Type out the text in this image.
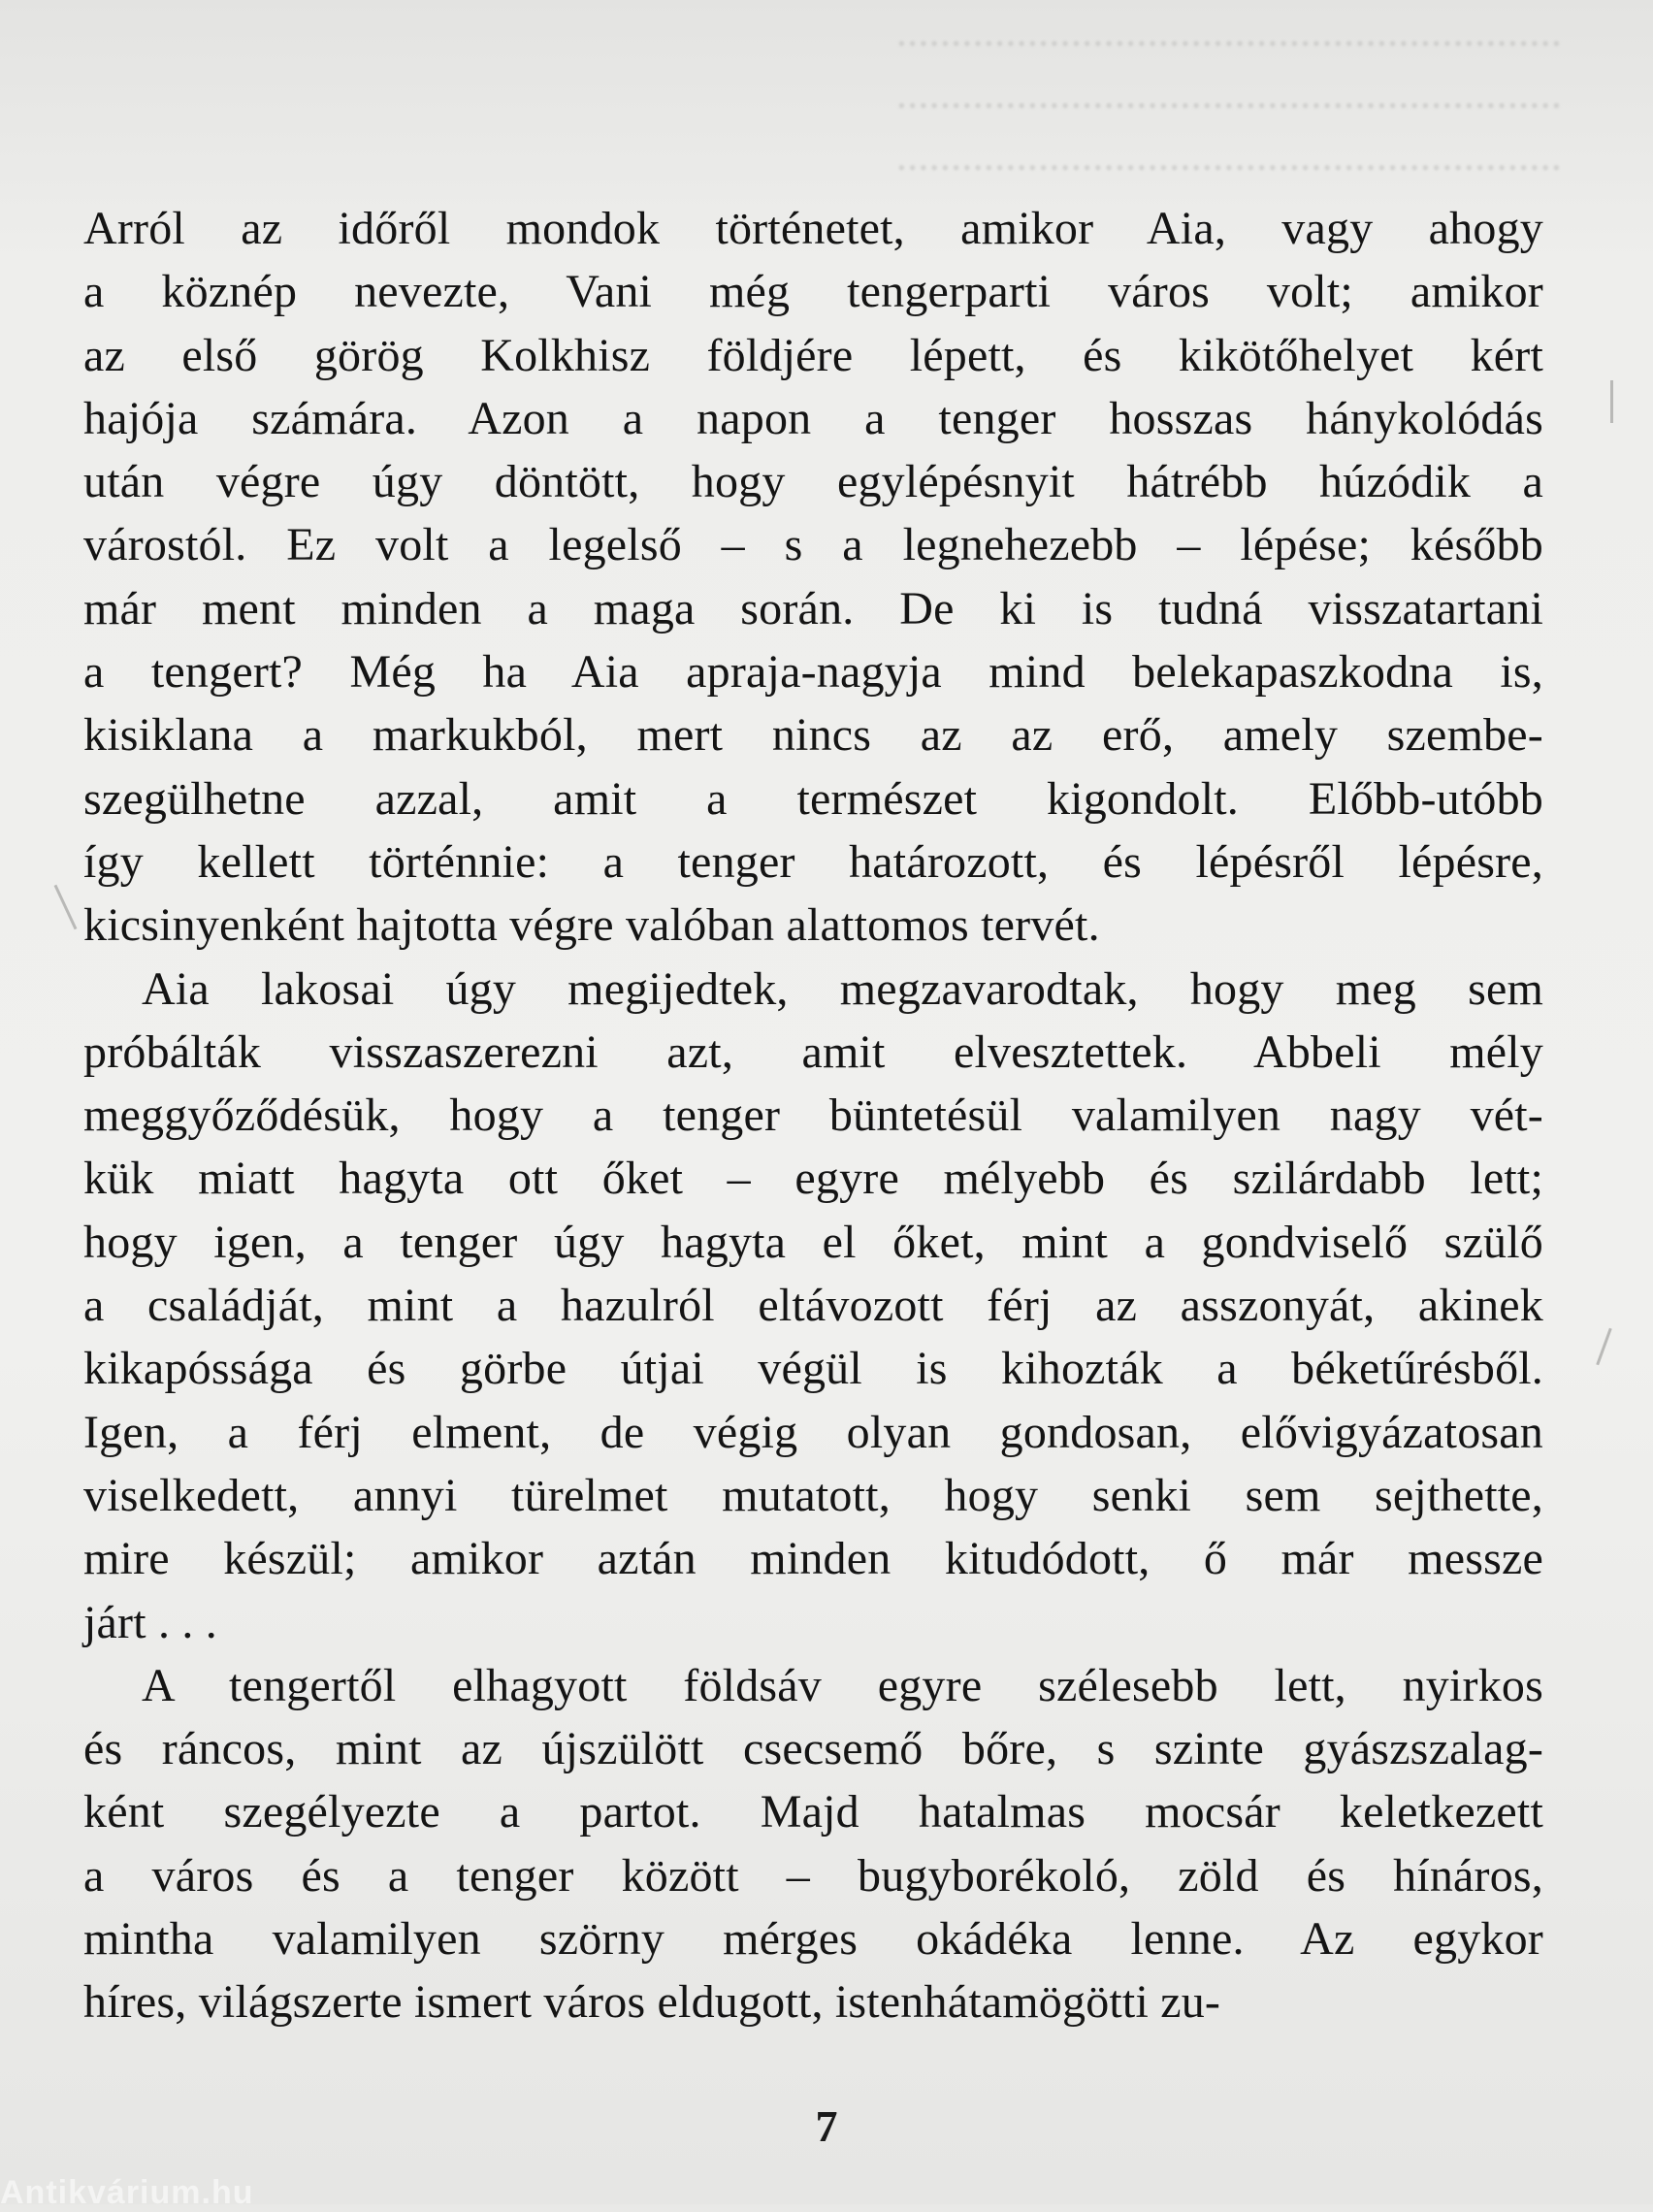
.............................................................
.............................................................
.............................................................

Arról az időről mondok történetet, amikor Aia, vagy ahogy
a köznép nevezte, Vani még tengerparti város volt; amikor
az első görög Kolkhisz földjére lépett, és kikötőhelyet kért
hajója számára. Azon a napon a tenger hosszas hánykolódás
után végre úgy döntött, hogy egylépésnyit hátrébb húzódik a
várostól. Ez volt a legelső – s a legnehezebb – lépése; később
már ment minden a maga során. De ki is tudná visszatartani
a tengert? Még ha Aia apraja-nagyja mind belekapaszkodna is,
kisiklana a markukból, mert nincs az az erő, amely szembe-
szegülhetne azzal, amit a természet kigondolt. Előbb-utóbb
így kellett történnie: a tenger határozott, és lépésről lépésre,
kicsinyenként hajtotta végre valóban alattomos tervét.

Aia lakosai úgy megijedtek, megzavarodtak, hogy meg sem
próbálták visszaszerezni azt, amit elvesztettek. Abbeli mély
meggyőződésük, hogy a tenger büntetésül valamilyen nagy vét-
kük miatt hagyta ott őket – egyre mélyebb és szilárdabb lett;
hogy igen, a tenger úgy hagyta el őket, mint a gondviselő szülő
a családját, mint a hazulról eltávozott férj az asszonyát, akinek
kikapóssága és görbe útjai végül is kihozták a béketűrésből.
Igen, a férj elment, de végig olyan gondosan, elővigyázatosan
viselkedett, annyi türelmet mutatott, hogy senki sem sejthette,
mire készül; amikor aztán minden kitudódott, ő már messze
járt . . .

A tengertől elhagyott földsáv egyre szélesebb lett, nyirkos
és ráncos, mint az újszülött csecsemő bőre, s szinte gyászszalag-
ként szegélyezte a partot. Majd hatalmas mocsár keletkezett
a város és a tenger között – bugyborékoló, zöld és hínáros,
mintha valamilyen szörny mérges okádéka lenne. Az egykor
híres, világszerte ismert város eldugott, istenhátamögötti zu-

7
Antikvárium.hu
